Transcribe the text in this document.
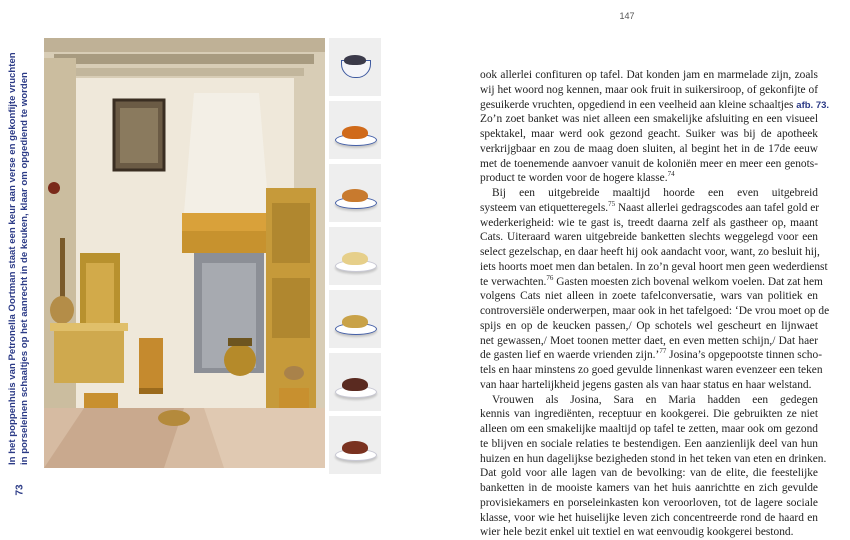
In het poppenhuis van Petronella Oortman staat een keur aan verse en gekonfijte vruchten in porseleinen schaaltjes op het aanrecht in de keuken, klaar om opgediend te worden
73
147
ook allerlei confituren op tafel. Dat konden jam en marmelade zijn, zoals
wij het woord nog kennen, maar ook fruit in suikersiroop, of gekonfijte of
gesuikerde vruchten, opgediend in een veelheid aan kleine schaaltjes afb. 73.
Zo’n zoet banket was niet alleen een smakelijke afsluiting en een visueel
spektakel, maar werd ook gezond geacht. Suiker was bij de apotheek
verkrijgbaar en zou de maag doen sluiten, al begint het in de 17de eeuw
met de toenemende aanvoer vanuit de koloniën meer en meer een genots-
product te worden voor de hogere klasse.$^{74}$
Bij een uitgebreide maaltijd hoorde een even uitgebreid
systeem van etiquetteregels.$^{75}$ Naast allerlei gedragscodes aan tafel gold er
wederkerigheid: wie te gast is, treedt daarna zelf als gastheer op, maant
Cats. Uiteraard waren uitgebreide banketten slechts weggelegd voor een
select gezelschap, en daar heeft hij ook aandacht voor, want, zo besluit hij,
iets hoorts moet men dan betalen. In zo’n geval hoort men geen wederdienst
te verwachten.$^{76}$ Gasten moesten zich bovenal welkom voelen. Dat zat hem
volgens Cats niet alleen in zoete tafelconversatie, wars van politiek en
controversiële onderwerpen, maar ook in het tafelgoed: ‘De vrou moet op de
spijs en op de keucken passen,/ Op schotels wel gescheurt en lijnwaet
net gewassen,/ Moet toonen metter daet, en even metten schijn,/ Dat haer
de gasten lief en waerde vrienden zijn.’$^{77}$ Josina’s opgepootste tinnen scho-
tels en haar minstens zo goed gevulde linnenkast waren evenzeer een teken
van haar hartelijkheid jegens gasten als van haar status en haar welstand.
Vrouwen als Josina, Sara en Maria hadden een gedegen
kennis van ingrediënten, receptuur en kookgerei. Die gebruikten ze niet
alleen om een smakelijke maaltijd op tafel te zetten, maar ook om gezond
te blijven en sociale relaties te bestendigen. Een aanzienlijk deel van hun
huizen en hun dagelijkse bezigheden stond in het teken van eten en drinken.
Dat gold voor alle lagen van de bevolking: van de elite, die feestelijke
banketten in de mooiste kamers van het huis aanrichtte en zich gevulde
provisiekamers en porseleinkasten kon veroorloven, tot de lagere sociale
klasse, voor wie het huiselijke leven zich concentreerde rond de haard en
wier hele bezit enkel uit textiel en wat eenvoudig kookgerei bestond.
